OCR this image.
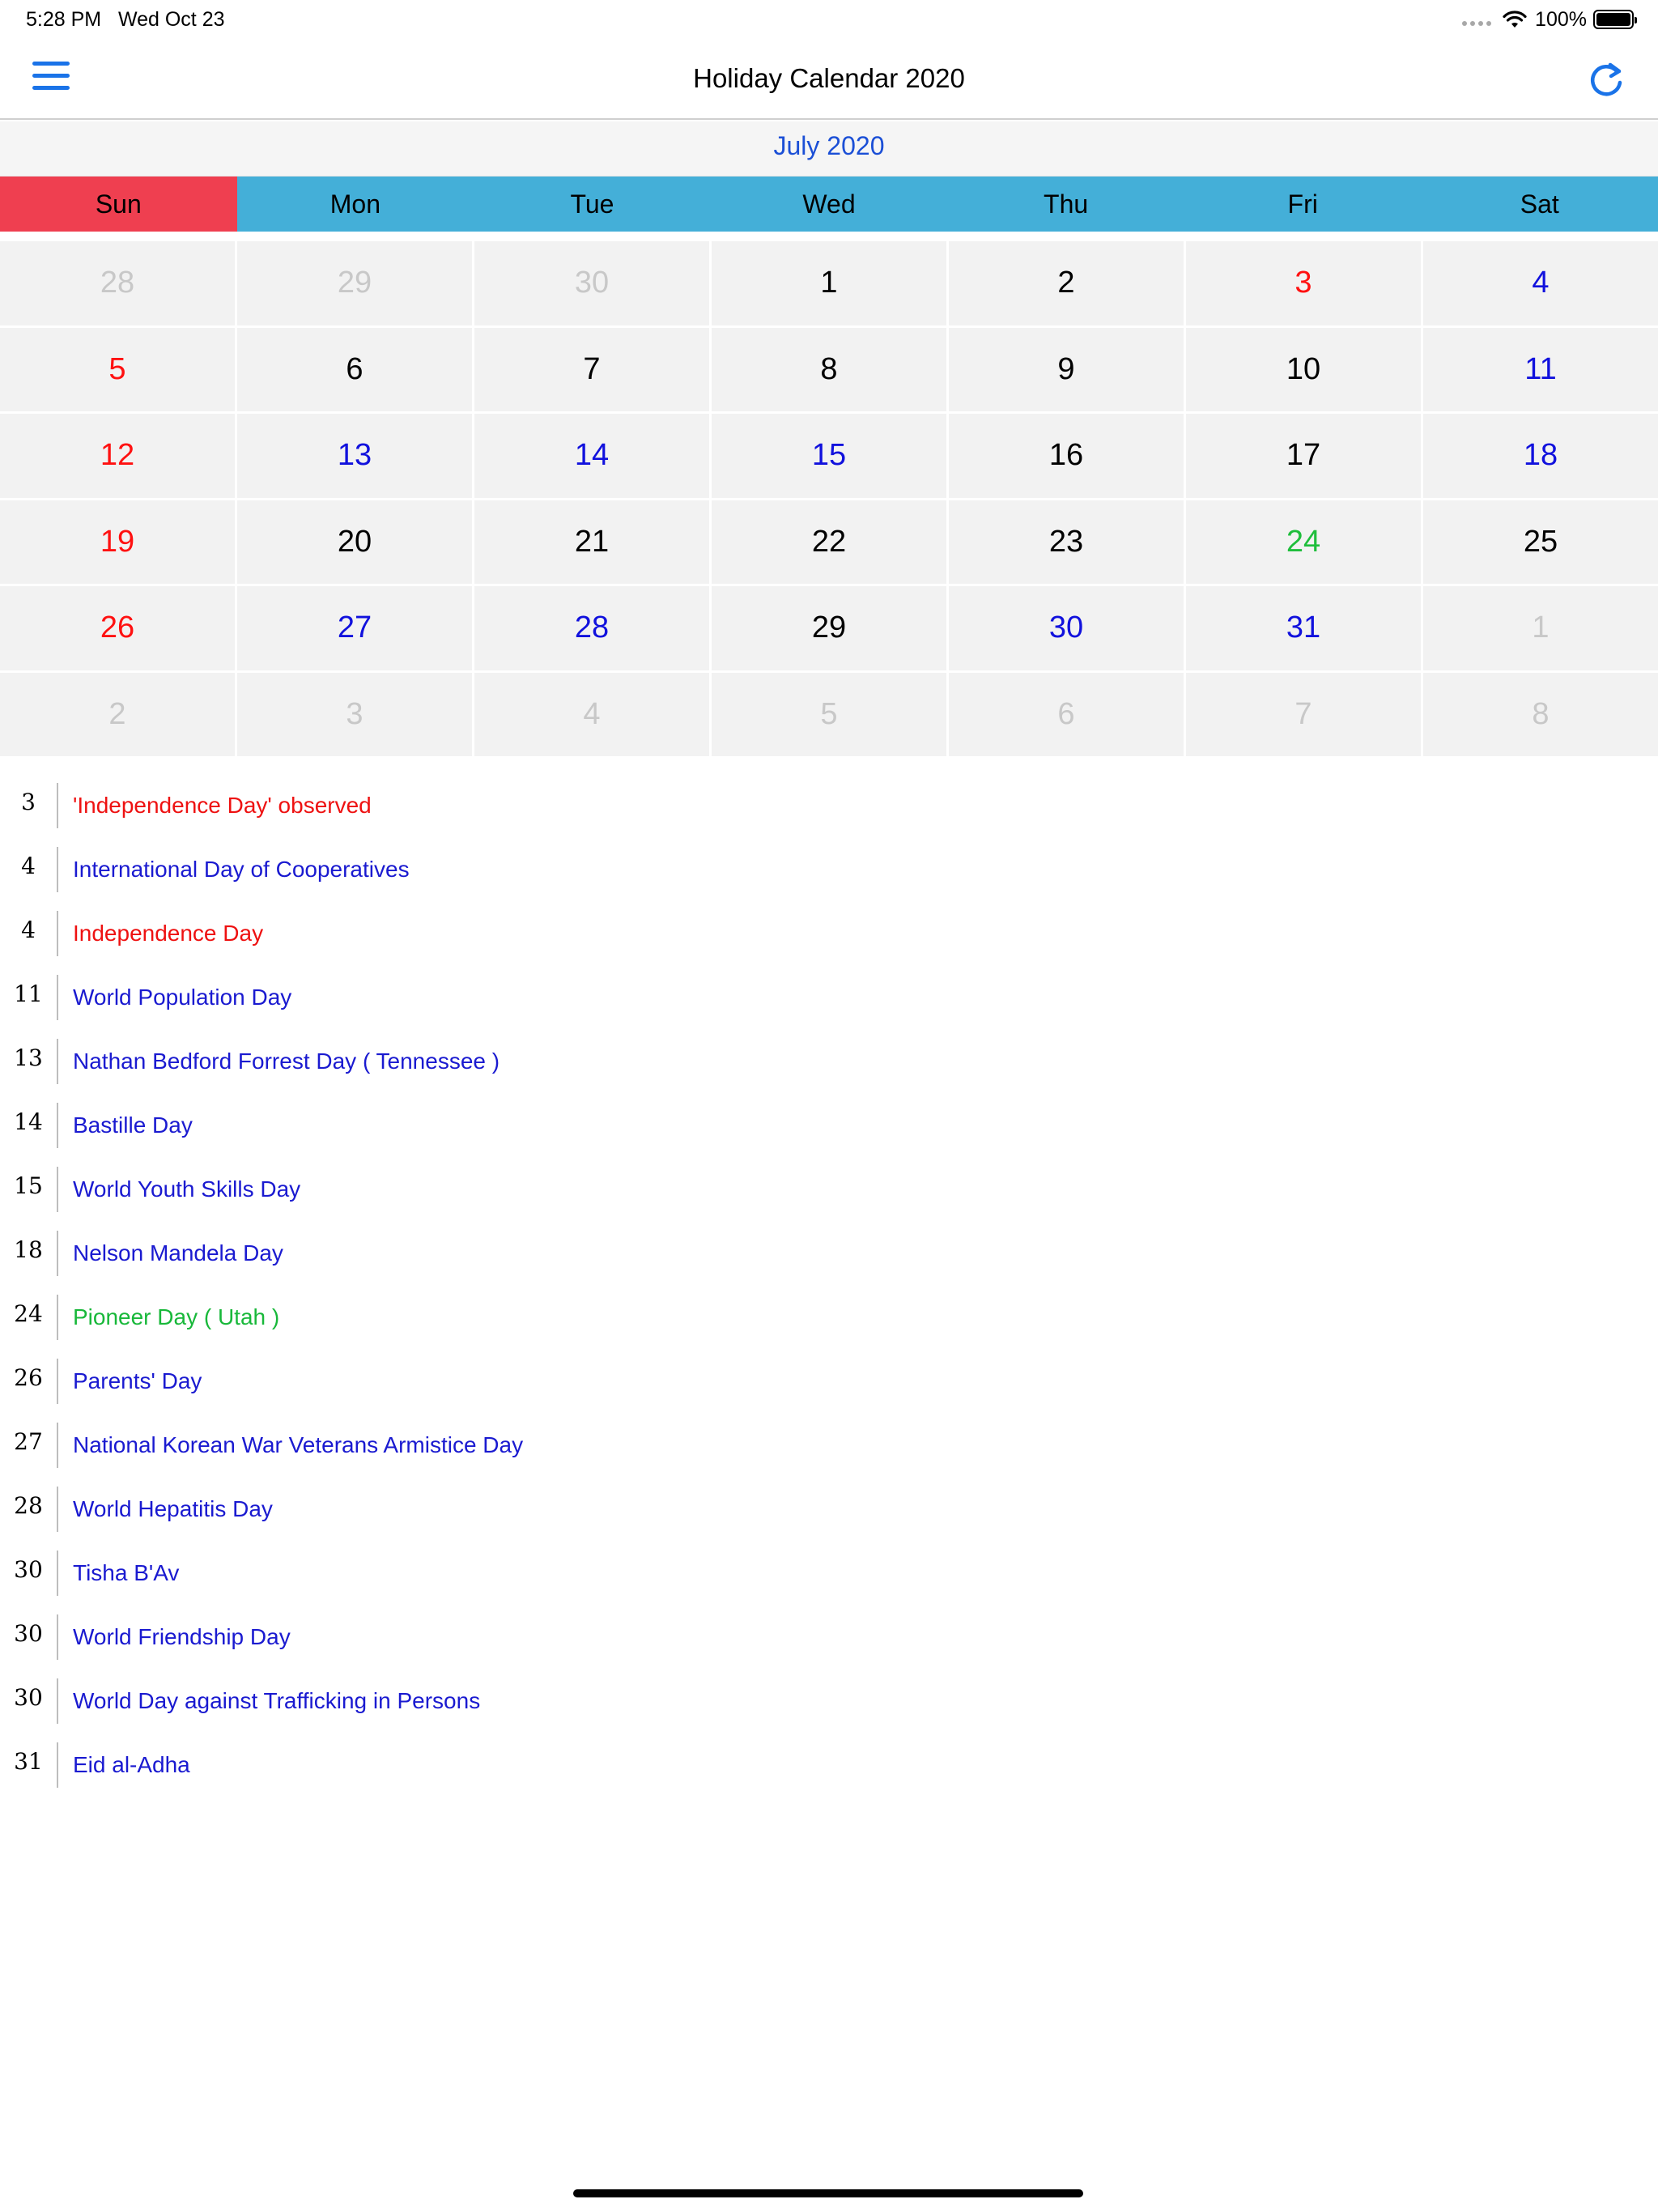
5:28 PM Wed Oct 23	100%
Holiday Calendar 2020
July 2020
Sun	Mon	Tue	Wed	Thu	Fri	Sat
28	29	30	1	2	3	4
5	6	7	8	9	10	11
12	13	14	15	16	17	18
19	20	21	22	23	24	25
26	27	28	29	30	31	1
2	3	4	5	6	7	8
3	'Independence Day' observed
4	International Day of Cooperatives
4	Independence Day
11	World Population Day
13	Nathan Bedford Forrest Day ( Tennessee )
14	Bastille Day
15	World Youth Skills Day
18	Nelson Mandela Day
24	Pioneer Day ( Utah )
26	Parents' Day
27	National Korean War Veterans Armistice Day
28	World Hepatitis Day
30	Tisha B'Av
30	World Friendship Day
30	World Day against Trafficking in Persons
31	Eid al-Adha
